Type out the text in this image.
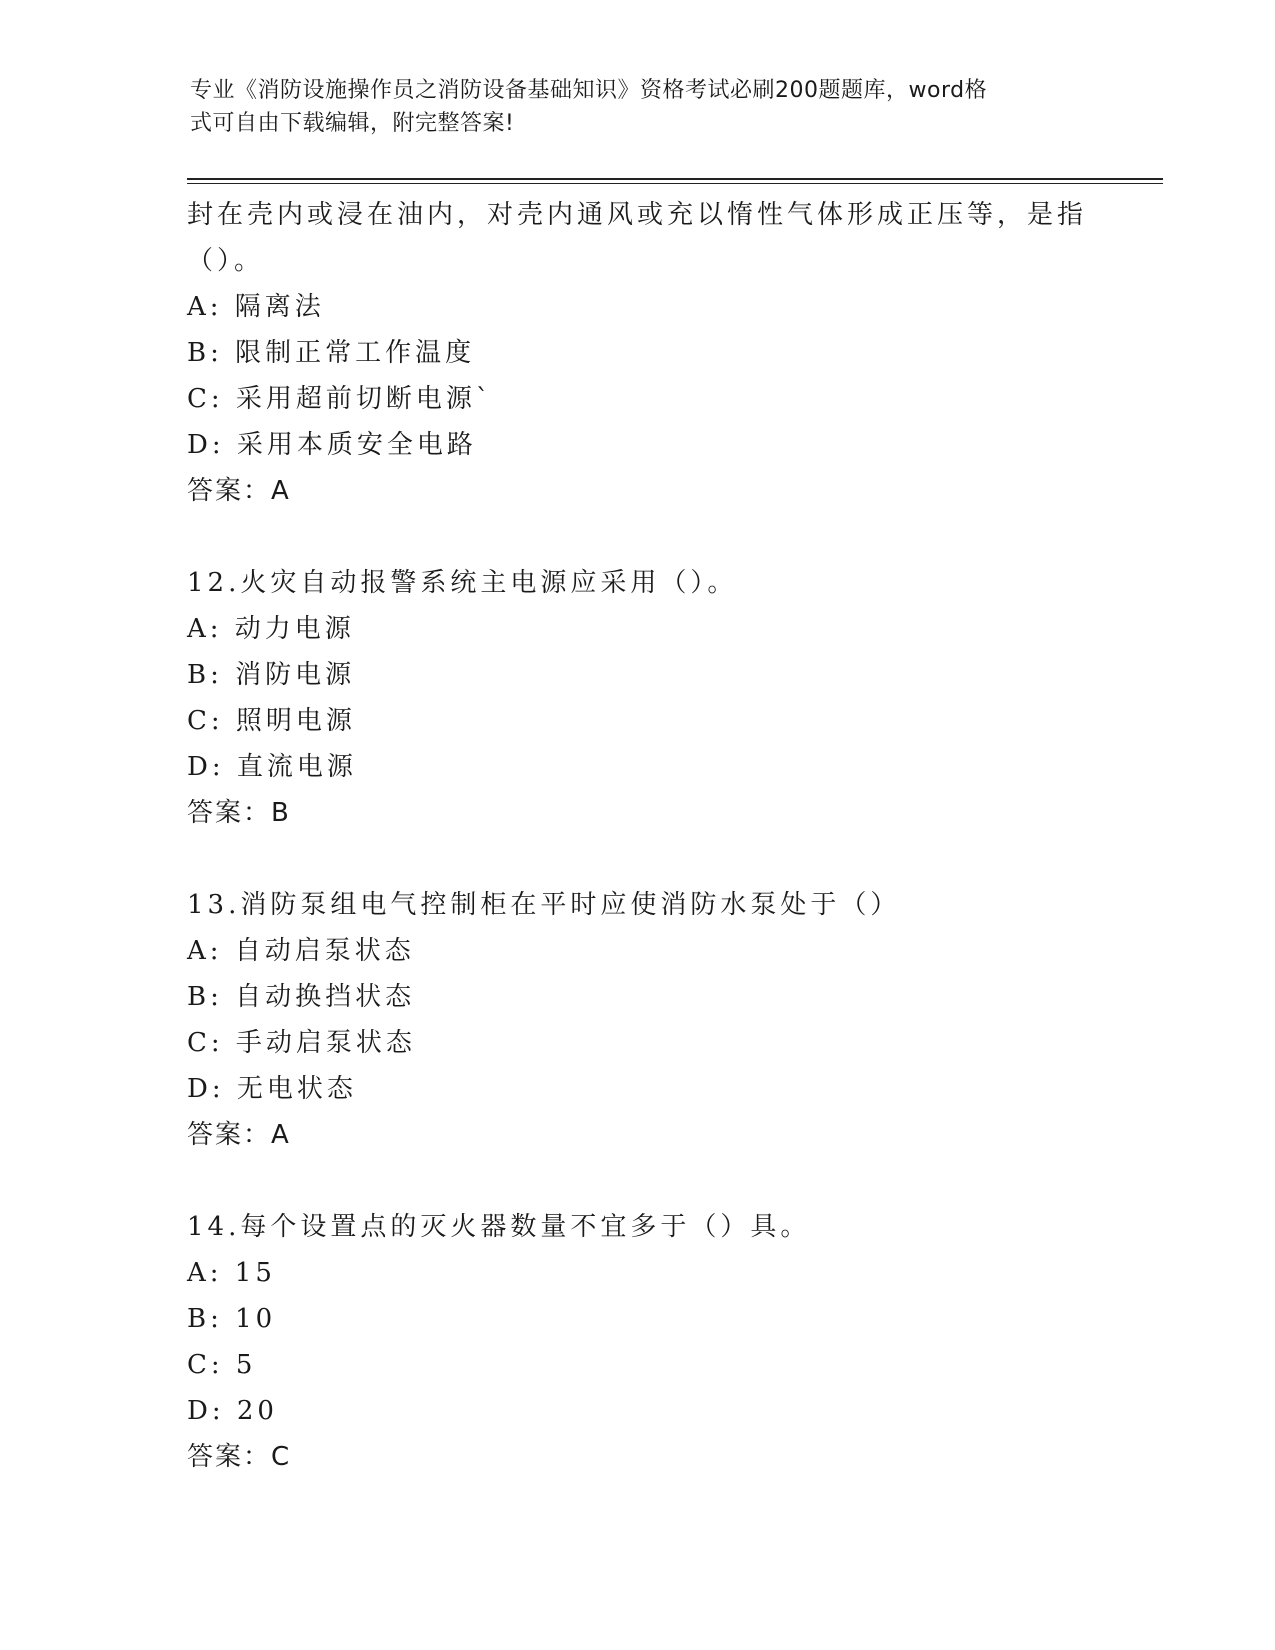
专业《消防设施操作员之消防设备基础知识》资格考试必刷200题题库，word格
式可自由下载编辑，附完整答案!
封在壳内或浸在油内，对壳内通风或充以惰性气体形成正压等，是指
（）。
A: 隔离法
B: 限制正常工作温度
C: 采用超前切断电源`
D: 采用本质安全电路
答案：A
12.火灾自动报警系统主电源应采用（）。
A: 动力电源
B: 消防电源
C: 照明电源
D: 直流电源
答案：B
13.消防泵组电气控制柜在平时应使消防水泵处于（）
A: 自动启泵状态
B: 自动换挡状态
C: 手动启泵状态
D: 无电状态
答案：A
14.每个设置点的灭火器数量不宜多于（）具。
A: 15
B: 10
C: 5
D: 20
答案：C
